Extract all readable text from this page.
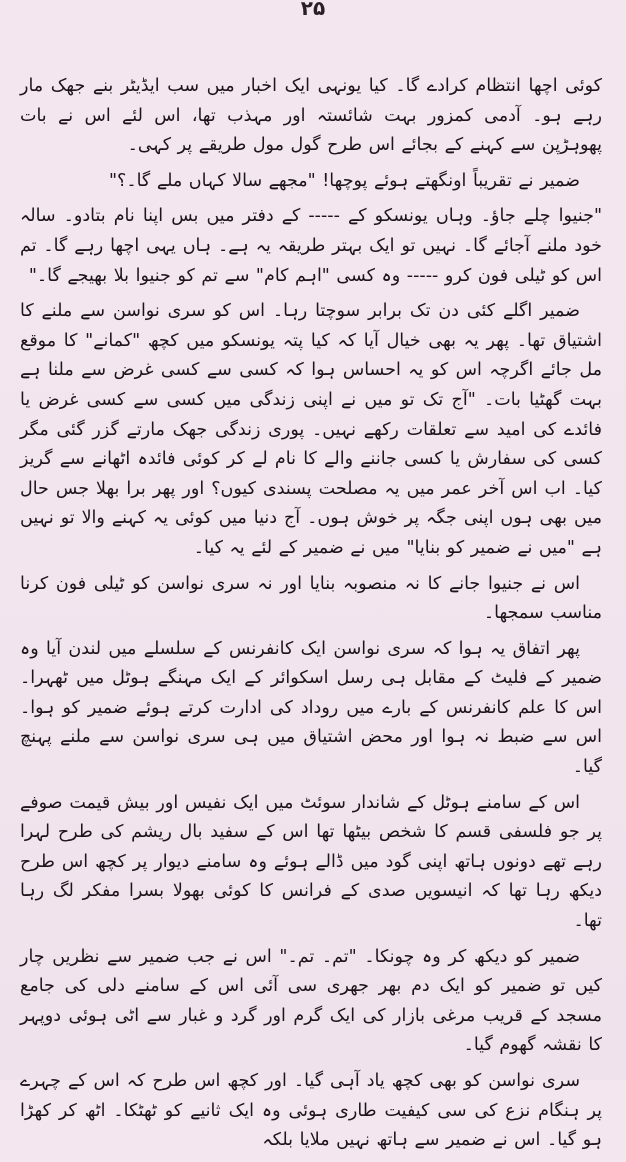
۲۵

کوئی اچھا انتظام کرادے گا۔ کیا یونہی ایک اخبار میں سب ایڈیٹر بنے جھک مار رہے ہو۔ آدمی کمزور بہت شائستہ اور مہذب تھا، اس لئے اس نے بات پھوہڑپن سے کہنے کے بجائے اس طرح گول مول طریقے پر کہی۔

ضمیر نے تقریباً اونگھتے ہوئے پوچھا! "مجھے سالا کہاں ملے گا۔؟"

"جنیوا چلے جاؤ۔ وہاں یونسکو کے ----- کے دفتر میں بس اپنا نام بتادو۔ سالہ خود ملنے آجائے گا۔ نہیں تو ایک بہتر طریقہ یہ ہے۔ ہاں یہی اچھا رہے گا۔ تم اس کو ٹیلی فون کرو ----- وہ کسی "اہم کام" سے تم کو جنیوا بلا بھیجے گا۔"

ضمیر اگلے کئی دن تک برابر سوچتا رہا۔ اس کو سری نواسن سے ملنے کا اشتیاق تھا۔ پھر یہ بھی خیال آیا کہ کیا پتہ یونسکو میں کچھ "کمانے" کا موقع مل جائے اگرچہ اس کو یہ احساس ہوا کہ کسی سے کسی غرض سے ملنا ہے بہت گھٹیا بات۔ "آج تک تو میں نے اپنی زندگی میں کسی سے کسی غرض یا فائدے کی امید سے تعلقات رکھے نہیں۔ پوری زندگی جھک مارتے گزر گئی مگر کسی کی سفارش یا کسی جاننے والے کا نام لے کر کوئی فائدہ اٹھانے سے گریز کیا۔ اب اس آخر عمر میں یہ مصلحت پسندی کیوں؟ اور پھر برا بھلا جس حال میں بھی ہوں اپنی جگہ پر خوش ہوں۔ آج دنیا میں کوئی یہ کہنے والا تو نہیں ہے "میں نے ضمیر کو بنایا" میں نے ضمیر کے لئے یہ کیا۔

اس نے جنیوا جانے کا نہ منصوبہ بنایا اور نہ سری نواسن کو ٹیلی فون کرنا مناسب سمجھا۔

پھر اتفاق یہ ہوا کہ سری نواسن ایک کانفرنس کے سلسلے میں لندن آیا وہ ضمیر کے فلیٹ کے مقابل ہی رسل اسکوائر کے ایک مہنگے ہوٹل میں ٹھہرا۔ اس کا علم کانفرنس کے بارے میں روداد کی ادارت کرتے ہوئے ضمیر کو ہوا۔ اس سے ضبط نہ ہوا اور محض اشتیاق میں ہی سری نواسن سے ملنے پہنچ گیا۔

اس کے سامنے ہوٹل کے شاندار سوئٹ میں ایک نفیس اور بیش قیمت صوفے پر جو فلسفی قسم کا شخص بیٹھا تھا اس کے سفید بال ریشم کی طرح لہرا رہے تھے دونوں ہاتھ اپنی گود میں ڈالے ہوئے وہ سامنے دیوار پر کچھ اس طرح دیکھ رہا تھا کہ انیسویں صدی کے فرانس کا کوئی بھولا بسرا مفکر لگ رہا تھا۔

ضمیر کو دیکھ کر وہ چونکا۔ "تم۔ تم۔" اس نے جب ضمیر سے نظریں چار کیں تو ضمیر کو ایک دم بھر جھری سی آئی اس کے سامنے دلی کی جامع مسجد کے قریب مرغی بازار کی ایک گرم اور گرد و غبار سے اٹی ہوئی دوپہر کا نقشہ گھوم گیا۔

سری نواسن کو بھی کچھ یاد آہی گیا۔ اور کچھ اس طرح کہ اس کے چہرے پر ہنگام نزع کی سی کیفیت طاری ہوئی وہ ایک ثانیے کو ٹھٹکا۔ اٹھ کر کھڑا ہو گیا۔ اس نے ضمیر سے ہاتھ نہیں ملایا بلکہ
